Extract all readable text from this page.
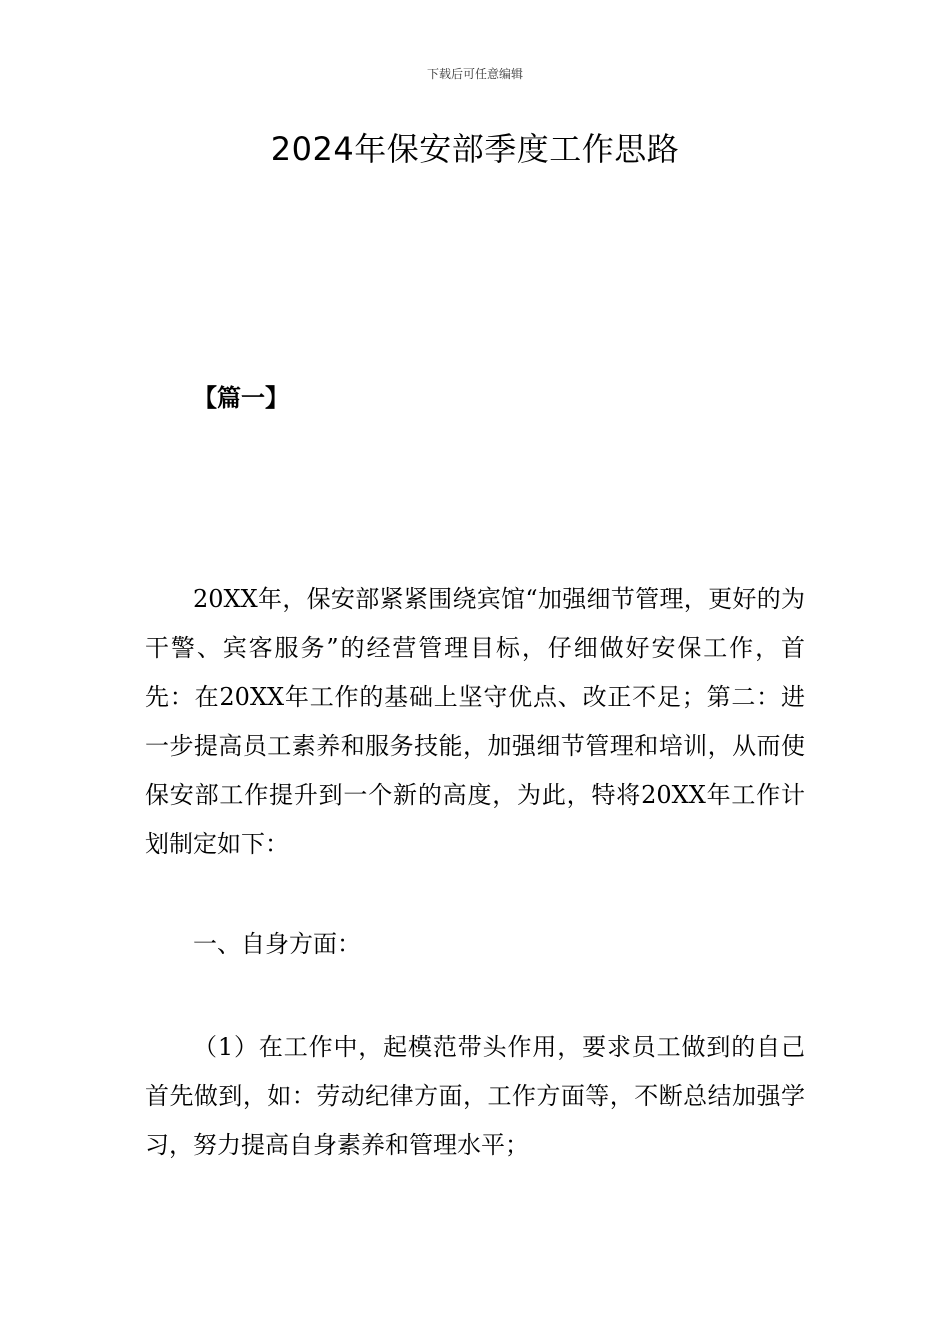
下载后可任意编辑
2024年保安部季度工作思路
【篇一】

20XX年，保安部紧紧围绕宾馆“加强细节管理，更好的为干警、宾客服务”的经营管理目标，仔细做好安保工作，首先：在20XX年工作的基础上坚守优点、改正不足；第二：进一步提高员工素养和服务技能，加强细节管理和培训，从而使保安部工作提升到一个新的高度，为此，特将20XX年工作计划制定如下：

一、自身方面：

（1）在工作中，起模范带头作用，要求员工做到的自己首先做到，如：劳动纪律方面，工作方面等，不断总结加强学习，努力提高自身素养和管理水平；
